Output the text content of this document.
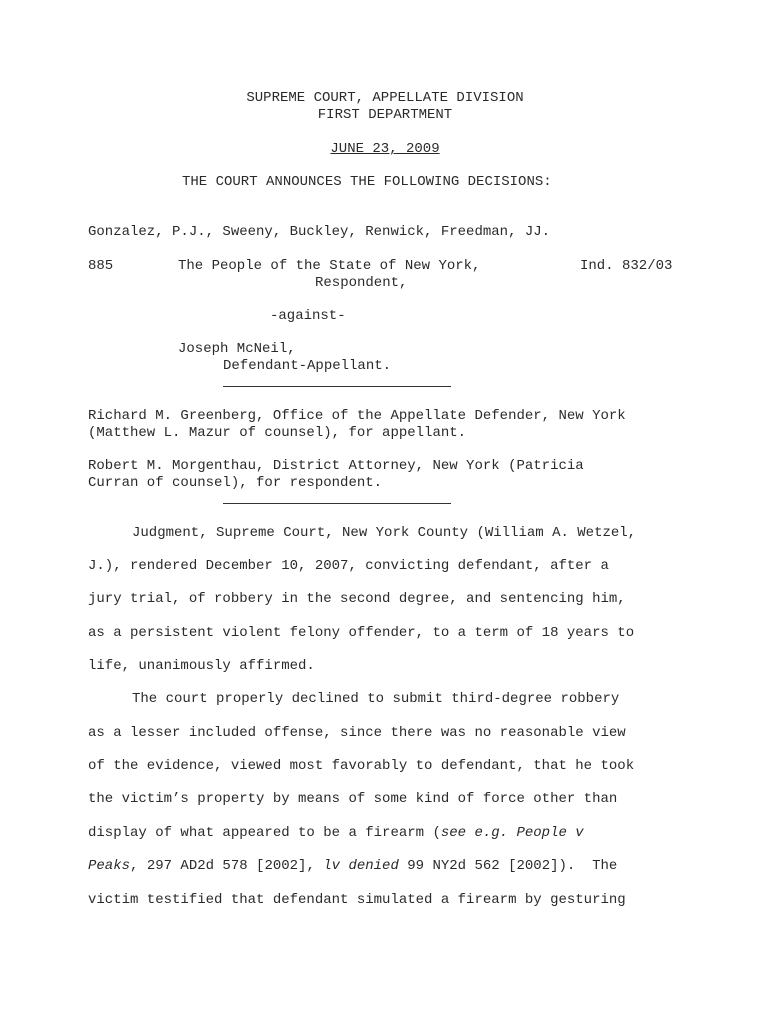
SUPREME COURT, APPELLATE DIVISION
FIRST DEPARTMENT
JUNE 23, 2009
THE COURT ANNOUNCES THE FOLLOWING DECISIONS:
Gonzalez, P.J., Sweeny, Buckley, Renwick, Freedman, JJ.
885	The People of the State of New York,	Ind. 832/03
Respondent,
-against-
Joseph McNeil,
Defendant-Appellant.
Richard M. Greenberg, Office of the Appellate Defender, New York
(Matthew L. Mazur of counsel), for appellant.
Robert M. Morgenthau, District Attorney, New York (Patricia
Curran of counsel), for respondent.
Judgment, Supreme Court, New York County (William A. Wetzel,
J.), rendered December 10, 2007, convicting defendant, after a
jury trial, of robbery in the second degree, and sentencing him,
as a persistent violent felony offender, to a term of 18 years to
life, unanimously affirmed.
The court properly declined to submit third-degree robbery
as a lesser included offense, since there was no reasonable view
of the evidence, viewed most favorably to defendant, that he took
the victim’s property by means of some kind of force other than
display of what appeared to be a firearm (see e.g. People v
Peaks, 297 AD2d 578 [2002], lv denied 99 NY2d 562 [2002]).  The
victim testified that defendant simulated a firearm by gesturing
